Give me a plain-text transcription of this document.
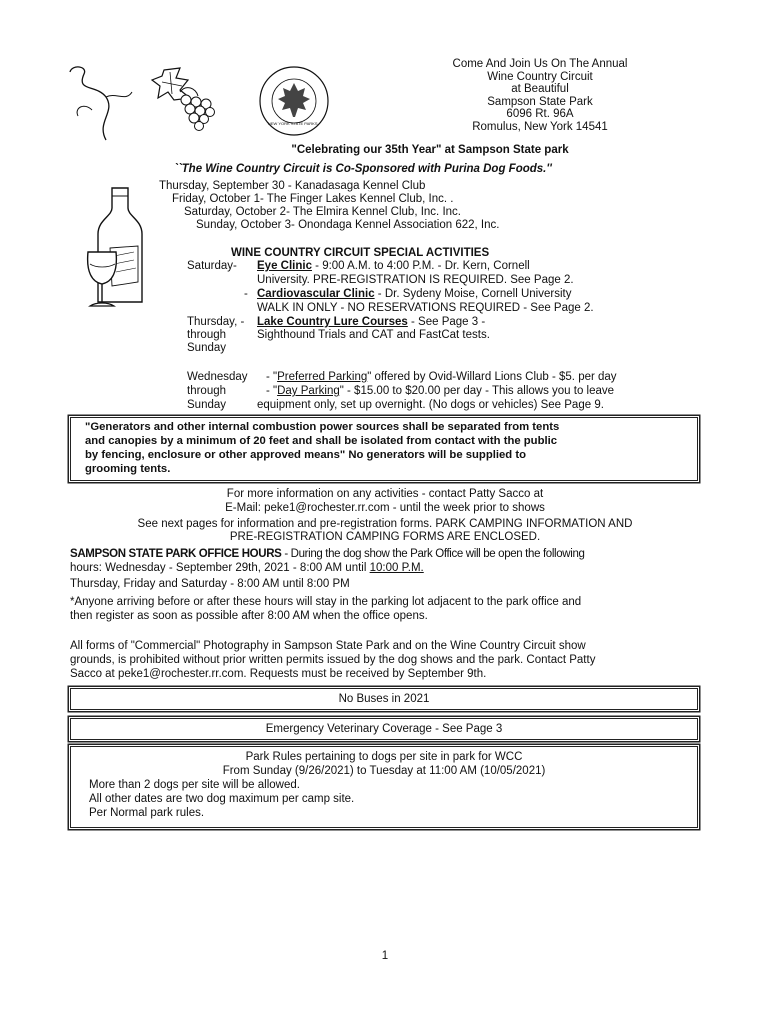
NEW YORK STATE PARKS
Come And Join Us On The Annual
Wine Country Circuit
at Beautiful
Sampson State Park
6096 Rt. 96A
Romulus, New York 14541
"Celebrating our 35th Year" at Sampson State park
``The Wine Country Circuit is Co-Sponsored with Purina Dog Foods.''
Thursday, September 30 - Kanadasaga Kennel Club
Friday, October 1- The Finger Lakes Kennel Club, Inc. .
Saturday, October 2- The Elmira Kennel Club, Inc. Inc.
Sunday, October 3- Onondaga Kennel Association 622, Inc.
WINE COUNTRY CIRCUIT SPECIAL ACTIVITIES
Saturday- Eye Clinic - 9:00 A.M. to 4:00 P.M. - Dr. Kern, Cornell
University. PRE-REGISTRATION IS REQUIRED. See Page 2.
- Cardiovascular Clinic - Dr. Sydeny Moise, Cornell University
WALK IN ONLY - NO RESERVATIONS REQUIRED - See Page 2.
Thursday, - Lake Country Lure Courses - See Page 3 -
through	Sighthound Trials and CAT and FastCat tests.
Sunday
Wednesday - "Preferred Parking" offered by Ovid-Willard Lions Club - $5. per day
through	- "Day Parking" - $15.00 to $20.00 per day - This allows you to leave
Sunday	equipment only, set up overnight. (No dogs or vehicles) See Page 9.
"Generators and other internal combustion power sources shall be separated from tents
and canopies by a minimum of 20 feet and shall be isolated from contact with the public
by fencing, enclosure or other approved means" No generators will be supplied to
grooming tents.
For more information on any activities - contact Patty Sacco at
E-Mail: peke1@rochester.rr.com - until the week prior to shows
See next pages for information and pre-registration forms. PARK CAMPING INFORMATION AND
PRE-REGISTRATION CAMPING FORMS ARE ENCLOSED.
SAMPSON STATE PARK OFFICE HOURS - During the dog show the Park Office will be open the following
hours: Wednesday - September 29th, 2021 - 8:00 AM until 10:00 P.M.
Thursday, Friday and Saturday - 8:00 AM until 8:00 PM
*Anyone arriving before or after these hours will stay in the parking lot adjacent to the park office and
then register as soon as possible after 8:00 AM when the office opens.
All forms of "Commercial" Photography in Sampson State Park and on the Wine Country Circuit show
grounds, is prohibited without prior written permits issued by the dog shows and the park. Contact Patty
Sacco at peke1@rochester.rr.com. Requests must be received by September 9th.
No Buses in 2021
Emergency Veterinary Coverage - See Page 3
Park Rules pertaining to dogs per site in park for WCC
From Sunday (9/26/2021) to Tuesday at 11:00 AM (10/05/2021)
More than 2 dogs per site will be allowed.
All other dates are two dog maximum per camp site.
Per Normal park rules.
1
